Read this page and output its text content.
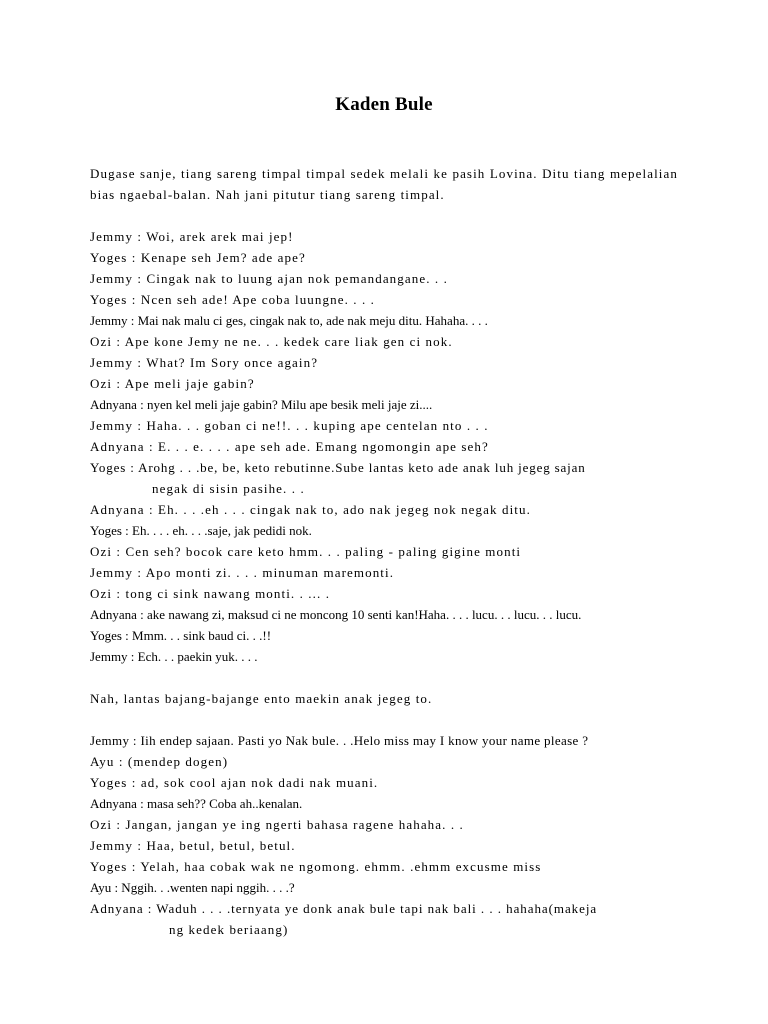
Kaden Bule

Dugase sanje, tiang sareng timpal timpal sedek melali ke pasih Lovina. Ditu tiang mepelalian bias ngaebal-balan. Nah jani pitutur tiang sareng timpal.

Jemmy : Woi, arek arek mai jep!

Yoges : Kenape seh Jem? ade ape?

Jemmy : Cingak nak to luung ajan nok pemandangane. . .

Yoges : Ncen seh ade! Ape coba luungne. . . .

Jemmy : Mai nak malu ci ges, cingak nak to, ade nak meju ditu. Hahaha. . . .

Ozi : Ape kone Jemy ne ne. . . kedek care liak gen ci nok.

Jemmy : What? Im Sory once again?

Ozi : Ape meli jaje gabin?

Adnyana : nyen kel meli jaje gabin? Milu ape besik meli jaje zi....

Jemmy : Haha. . . goban ci ne!!. . . kuping ape centelan nto . . .

Adnyana : E. . . e. . . . ape seh ade. Emang ngomongin ape seh?

Yoges : Arohg . . .be, be, keto rebutinne.Sube lantas keto ade anak luh jegeg sajan

negak di sisin pasihe. . .

Adnyana : Eh. . . .eh . . . cingak nak to, ado nak jegeg nok negak ditu.

Yoges : Eh. . . . eh. . . .saje, jak pedidi nok.

Ozi : Cen seh? bocok care keto hmm. . . paling - paling gigine monti

Jemmy : Apo monti zi. . . . minuman maremonti.

Ozi : tong ci sink nawang monti. . ... .

Adnyana : ake nawang zi, maksud ci ne moncong 10 senti kan!Haha. . . . lucu. . . lucu. . . lucu.

Yoges : Mmm. . . sink baud ci. . .!!

Jemmy : Ech. . . paekin yuk. . . .

Nah, lantas bajang-bajange ento maekin anak jegeg to.

Jemmy : Iih endep sajaan. Pasti yo Nak bule. . .Helo miss may I know your name please ?

Ayu : (mendep dogen)

Yoges : ad, sok cool ajan nok dadi nak muani.

Adnyana : masa seh?? Coba ah..kenalan.

Ozi : Jangan, jangan ye ing ngerti bahasa ragene hahaha. . .

Jemmy : Haa, betul, betul, betul.

Yoges : Yelah, haa cobak wak ne ngomong. ehmm. .ehmm excusme miss

Ayu : Nggih. . .wenten napi nggih. . . .?

Adnyana : Waduh . . . .ternyata ye donk anak bule tapi nak bali . . . hahaha(makeja

ng kedek beriaang)
